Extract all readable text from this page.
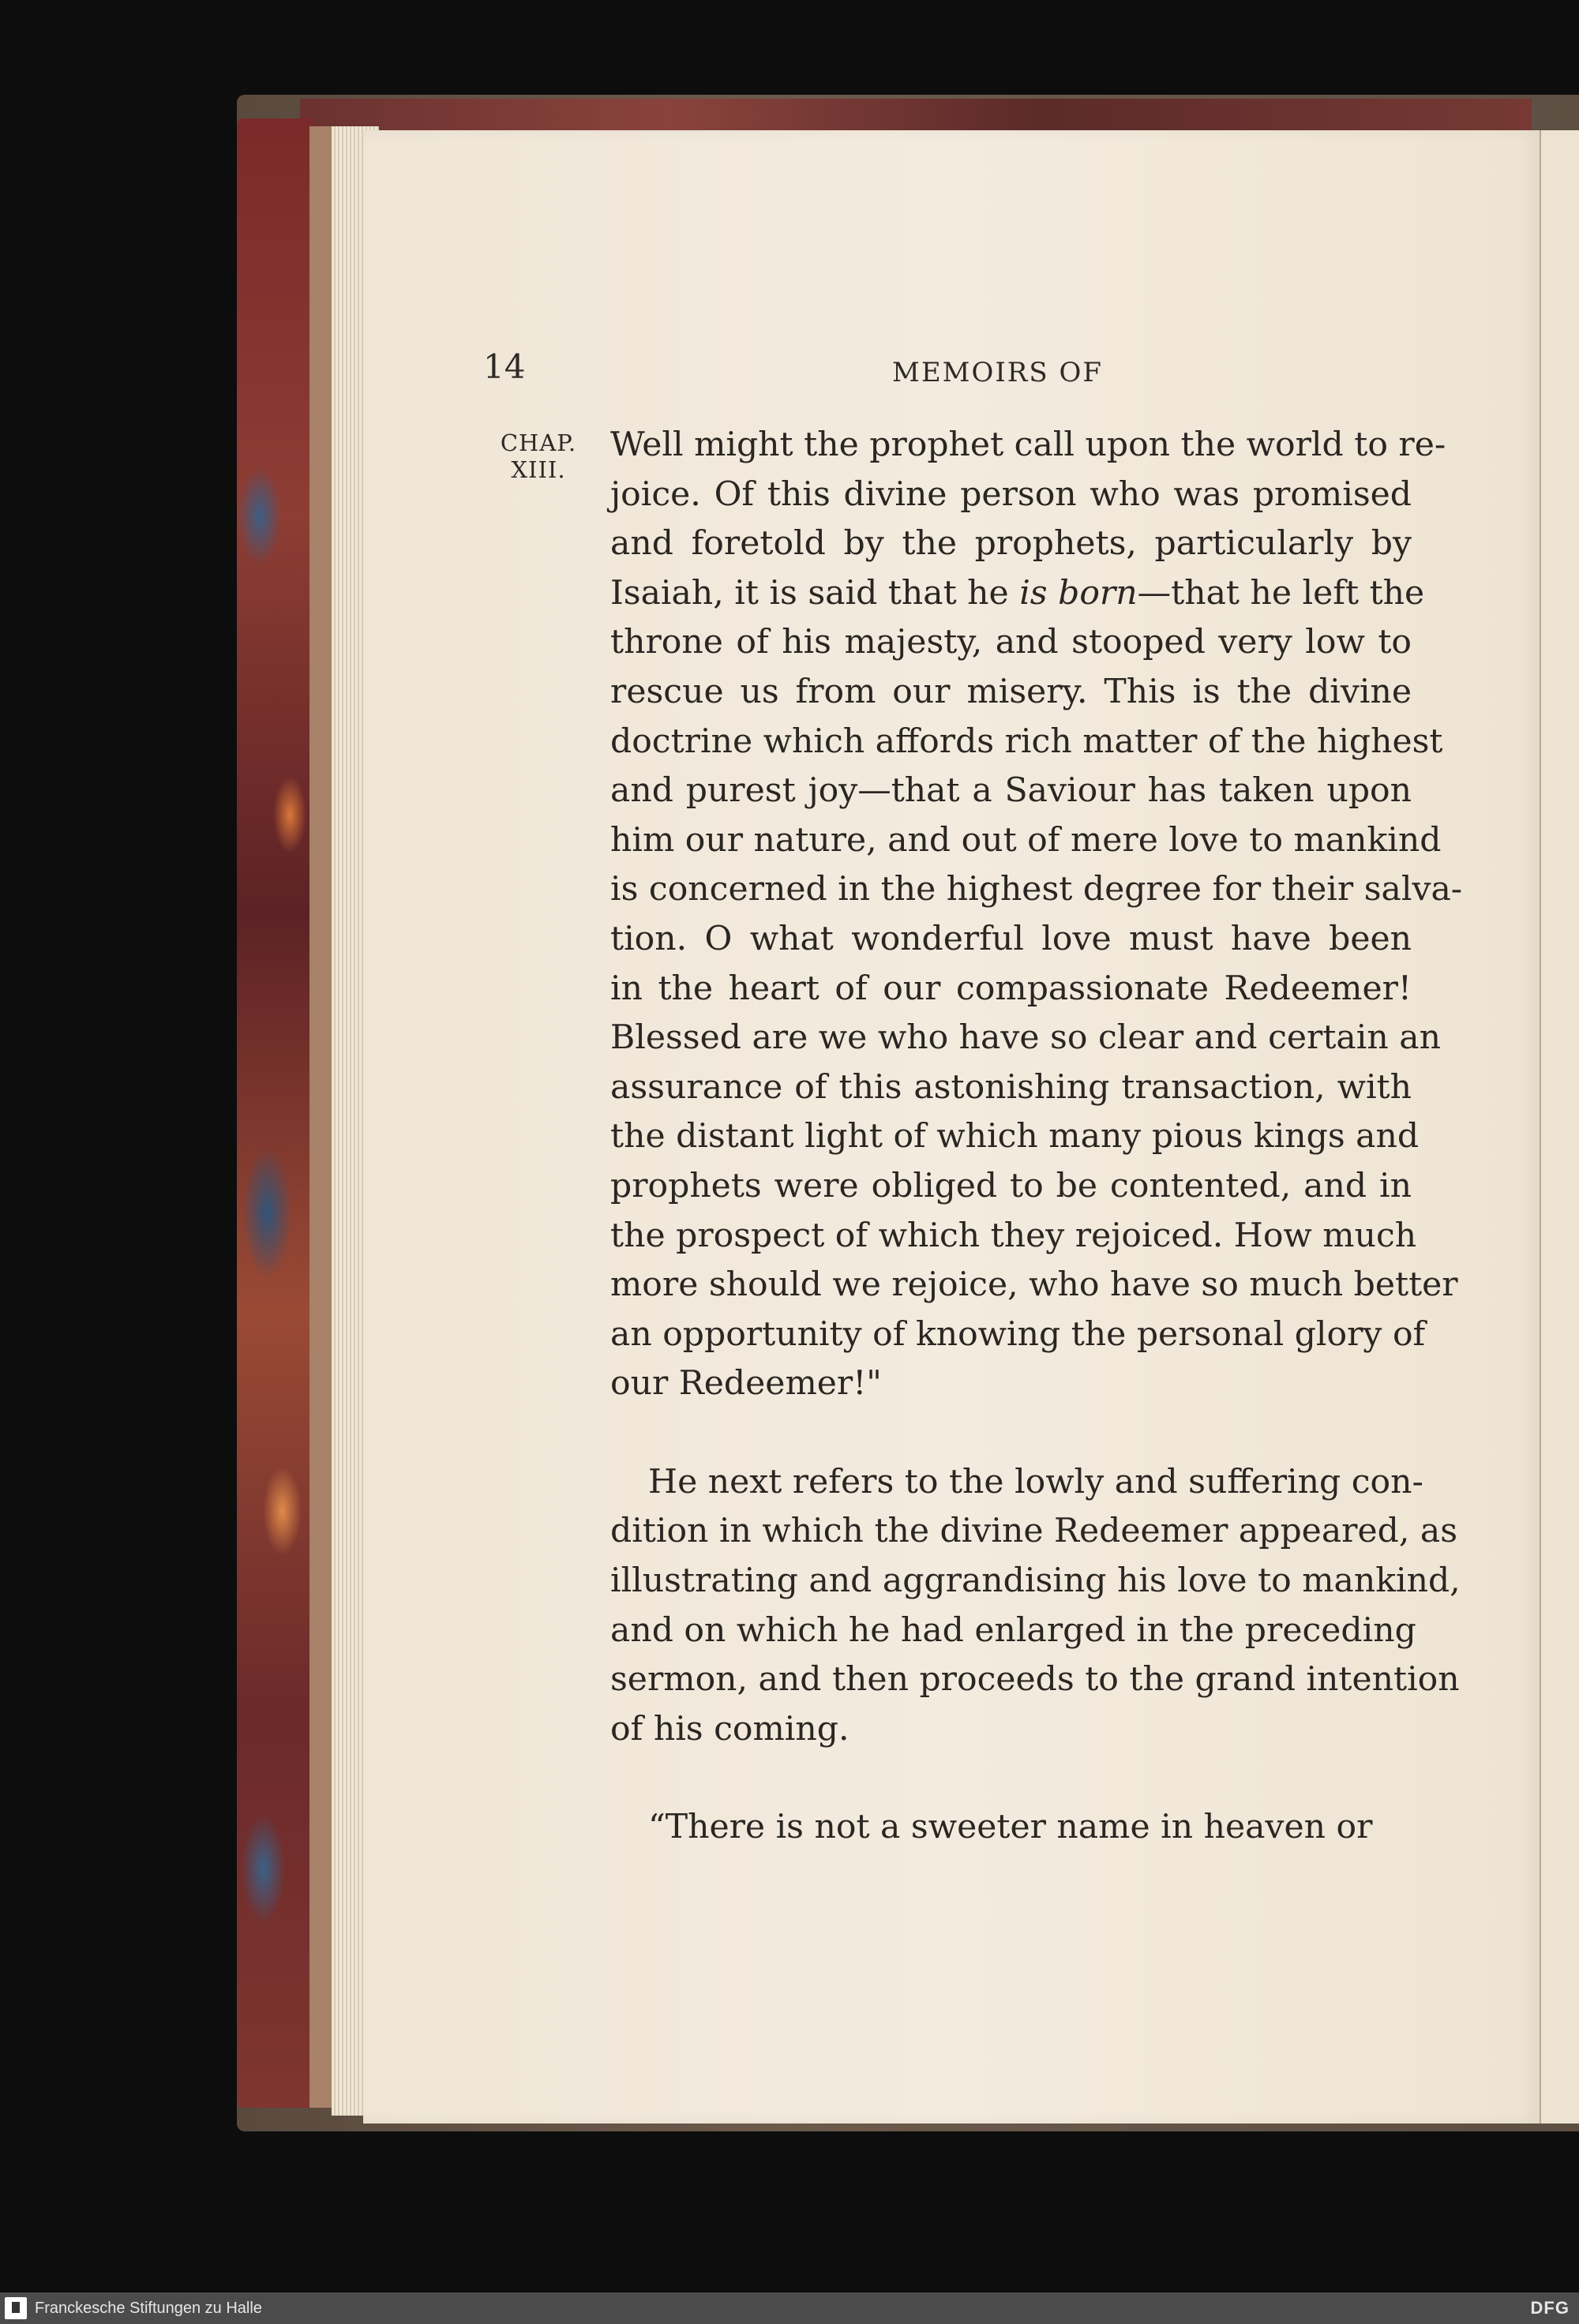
14	MEMOIRS OF

CHAP.
XIII.
Well might the prophet call upon the world to re-
joice. Of this divine person who was promised
and foretold by the prophets, particularly by
Isaiah, it is said that he is born—that he left the
throne of his majesty, and stooped very low to
rescue us from our misery. This is the divine
doctrine which affords rich matter of the highest
and purest joy—that a Saviour has taken upon
him our nature, and out of mere love to mankind
is concerned in the highest degree for their salva-
tion. O what wonderful love must have been
in the heart of our compassionate Redeemer!
Blessed are we who have so clear and certain an
assurance of this astonishing transaction, with
the distant light of which many pious kings and
prophets were obliged to be contented, and in
the prospect of which they rejoiced. How much
more should we rejoice, who have so much better
an opportunity of knowing the personal glory of
our Redeemer!"
He next refers to the lowly and suffering con-
dition in which the divine Redeemer appeared, as
illustrating and aggrandising his love to mankind,
and on which he had enlarged in the preceding
sermon, and then proceeds to the grand intention
of his coming.
“There is not a sweeter name in heaven or

Franckesche Stiftungen zu Halle	DFG
